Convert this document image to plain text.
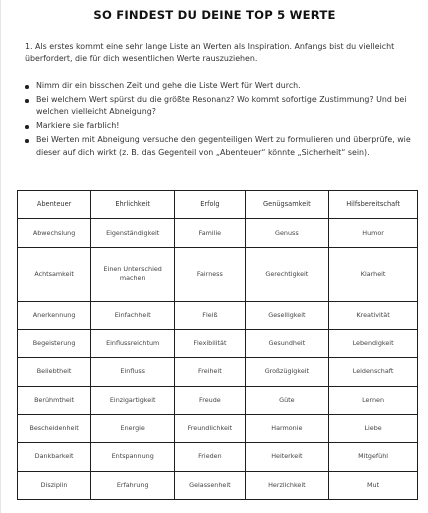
SO FINDEST DU DEINE TOP 5 WERTE
1. Als erstes kommt eine sehr lange Liste an Werten als Inspiration. Anfangs bist du vielleicht überfordert, die für dich wesentlichen Werte rauszuziehen.
Nimm dir ein bisschen Zeit und gehe die Liste Wert für Wert durch.
Bei welchem Wert spürst du die größte Resonanz? Wo kommt sofortige Zustimmung? Und bei welchen vielleicht Abneigung?
Markiere sie farblich!
Bei Werten mit Abneigung versuche den gegenteiligen Wert zu formulieren und überprüfe, wie dieser auf dich wirkt (z. B. das Gegenteil von „Abenteuer“ könnte „Sicherheit“ sein).
Abenteuer	Ehrlichkeit	Erfolg	Genügsamkeit	Hilfsbereitschaft
Abwechslung	Eigenständigkeit	Familie	Genuss	Humor
Achtsamkeit	Einen Unterschied machen	Fairness	Gerechtigkeit	Klarheit
Anerkennung	Einfachheit	Fleiß	Geselligkeit	Kreativität
Begeisterung	Einflussreichtum	Flexibilität	Gesundheit	Lebendigkeit
Beliebtheit	Einfluss	Freiheit	Großzügigkeit	Leidenschaft
Berühmtheit	Einzigartigkeit	Freude	Güte	Lernen
Bescheidenheit	Energie	Freundlichkeit	Harmonie	Liebe
Dankbarkeit	Entspannung	Frieden	Heiterkeit	Mitgefühl
Disziplin	Erfahrung	Gelassenheit	Herzlichkeit	Mut
